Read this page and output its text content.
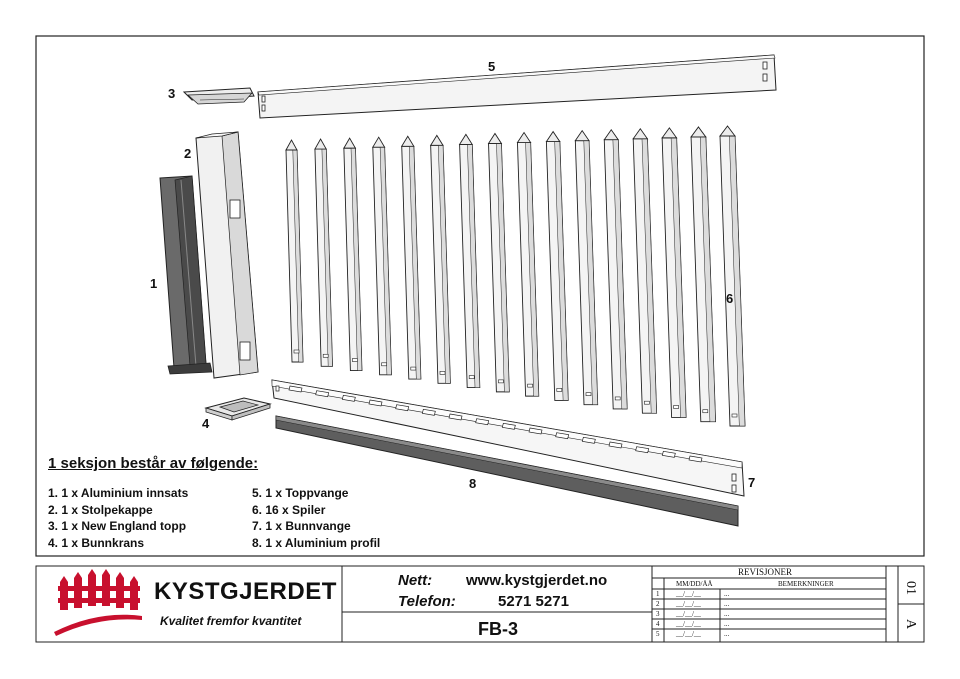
1
2
3
4
5
6
7
8
1 seksjon består av følgende:
1. 1 x Aluminium innsats
2. 1 x Stolpekappe
3. 1 x New England topp
4. 1 x Bunnkrans
5. 1 x Toppvange
6. 16 x Spiler
7. 1 x Bunnvange
8. 1 x Aluminium profil
KYSTGJERDET
Kvalitet fremfor kvantitet
Nett: www.kystgjerdet.no
Telefon:	5271 5271
FB-3
REVISJONER
MM/DD/ÅÅ	BEMERKNINGER
1 __/__/__	...
2 __/__/__	...
3 __/__/__	...
4 __/__/__	...
5 __/__/__	...
01
A
